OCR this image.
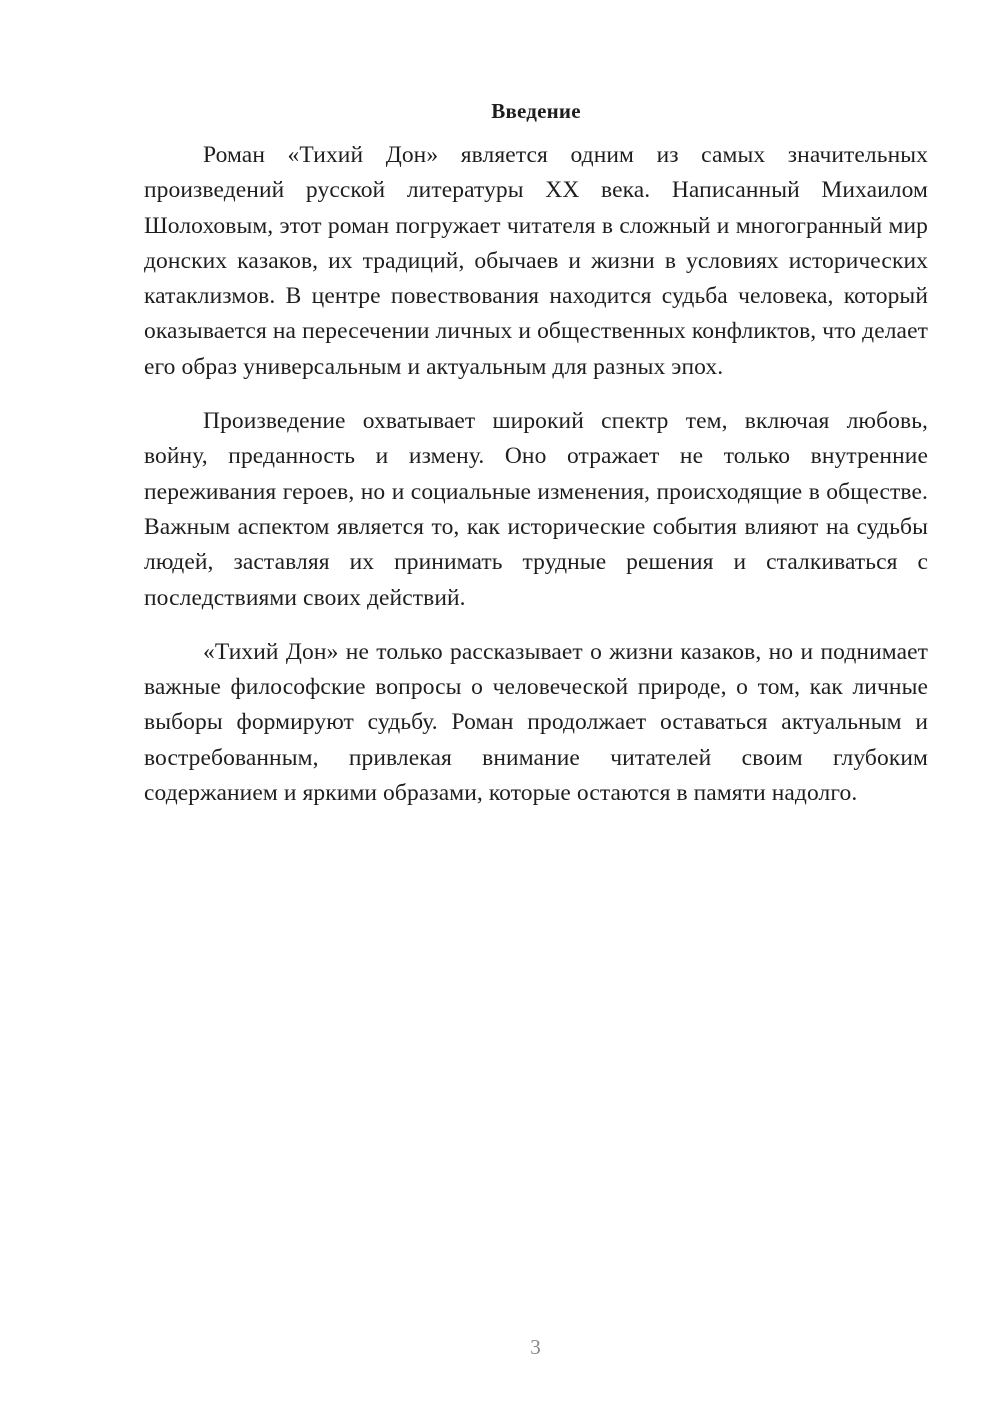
Введение

Роман «Тихий Дон» является одним из самых значительных произведений русской литературы XX века. Написанный Михаилом Шолоховым, этот роман погружает читателя в сложный и многогранный мир донских казаков, их традиций, обычаев и жизни в условиях исторических катаклизмов. В центре повествования находится судьба человека, который оказывается на пересечении личных и общественных конфликтов, что делает его образ универсальным и актуальным для разных эпох.

Произведение охватывает широкий спектр тем, включая любовь, войну, преданность и измену. Оно отражает не только внутренние переживания героев, но и социальные изменения, происходящие в обществе. Важным аспектом является то, как исторические события влияют на судьбы людей, заставляя их принимать трудные решения и сталкиваться с последствиями своих действий.

«Тихий Дон» не только рассказывает о жизни казаков, но и поднимает важные философские вопросы о человеческой природе, о том, как личные выборы формируют судьбу. Роман продолжает оставаться актуальным и востребованным, привлекая внимание читателей своим глубоким содержанием и яркими образами, которые остаются в памяти надолго.

3
